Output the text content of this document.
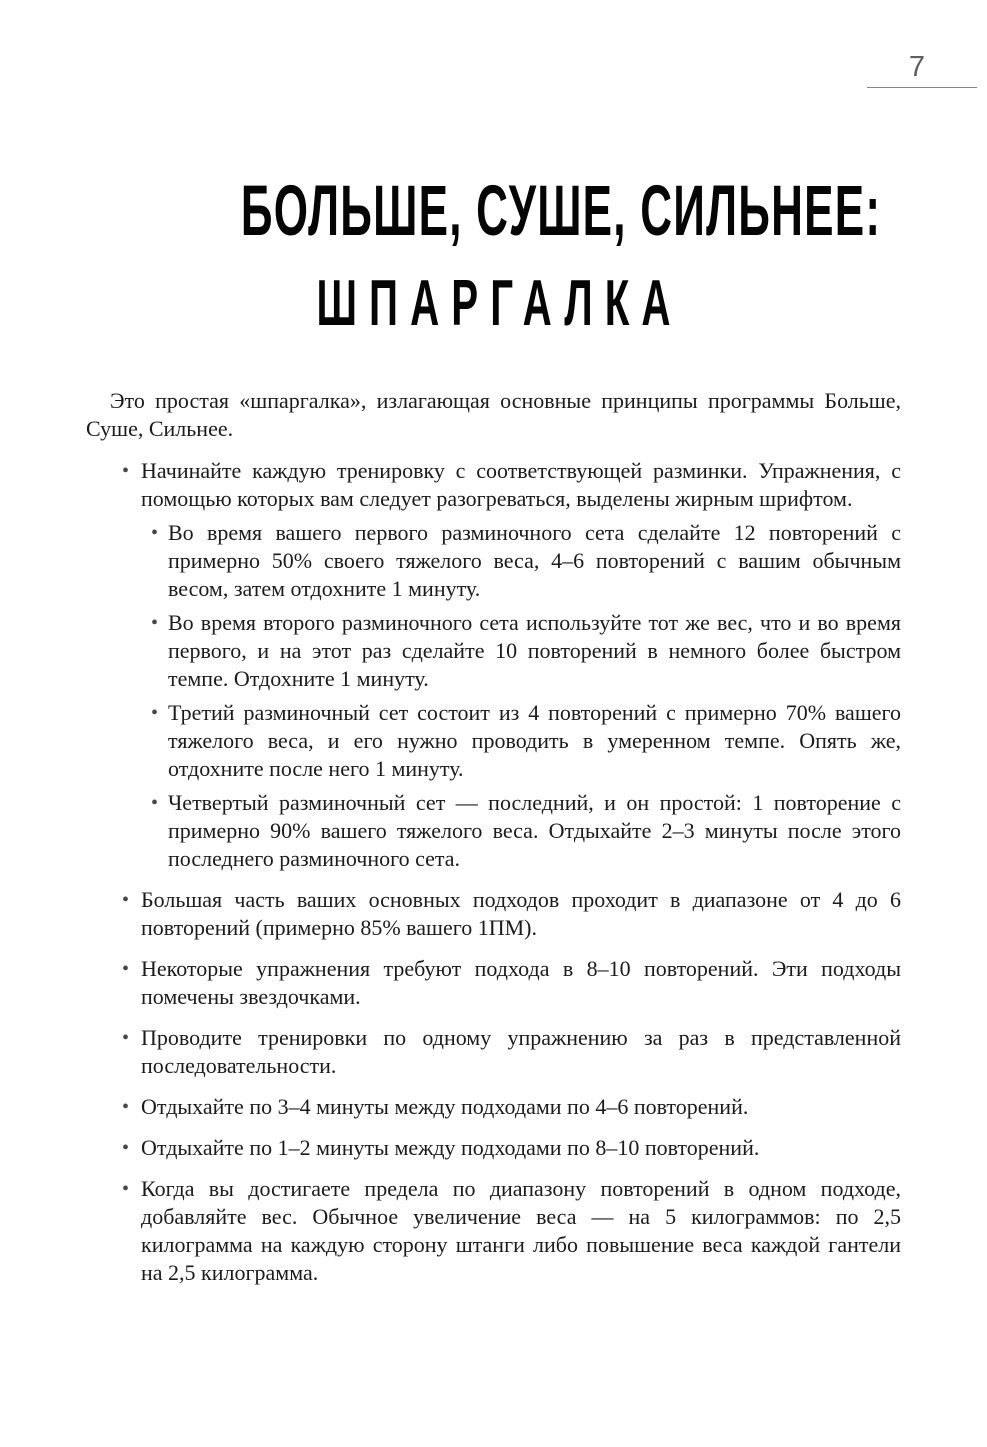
7
БОЛЬШЕ, СУШЕ, СИЛЬНЕЕ:
ШПАРГАЛКА

Это простая «шпаргалка», излагающая основные принципы программы Больше, Суше, Сильнее.

• Начинайте каждую тренировку с соответствующей разминки. Упражнения, с помощью которых вам следует разогреваться, выделены жирным шрифтом.
• Во время вашего первого разминочного сета сделайте 12 повторений с примерно 50% своего тяжелого веса, 4–6 повторений с вашим обычным весом, затем отдохните 1 минуту.
• Во время второго разминочного сета используйте тот же вес, что и во время первого, и на этот раз сделайте 10 повторений в немного более быстром темпе. Отдохните 1 минуту.
• Третий разминочный сет состоит из 4 повторений с примерно 70% вашего тяжелого веса, и его нужно проводить в умеренном темпе. Опять же, отдохните после него 1 минуту.
• Четвертый разминочный сет — последний, и он простой: 1 повторение с примерно 90% вашего тяжелого веса. Отдыхайте 2–3 минуты после этого последнего разминочного сета.
• Большая часть ваших основных подходов проходит в диапазоне от 4 до 6 повторений (примерно 85% вашего 1ПМ).
• Некоторые упражнения требуют подхода в 8–10 повторений. Эти подходы помечены звездочками.
• Проводите тренировки по одному упражнению за раз в представленной последовательности.
• Отдыхайте по 3–4 минуты между подходами по 4–6 повторений.
• Отдыхайте по 1–2 минуты между подходами по 8–10 повторений.
• Когда вы достигаете предела по диапазону повторений в одном подходе, добавляйте вес. Обычное увеличение веса — на 5 килограммов: по 2,5 килограмма на каждую сторону штанги либо повышение веса каждой гантели на 2,5 килограмма.
